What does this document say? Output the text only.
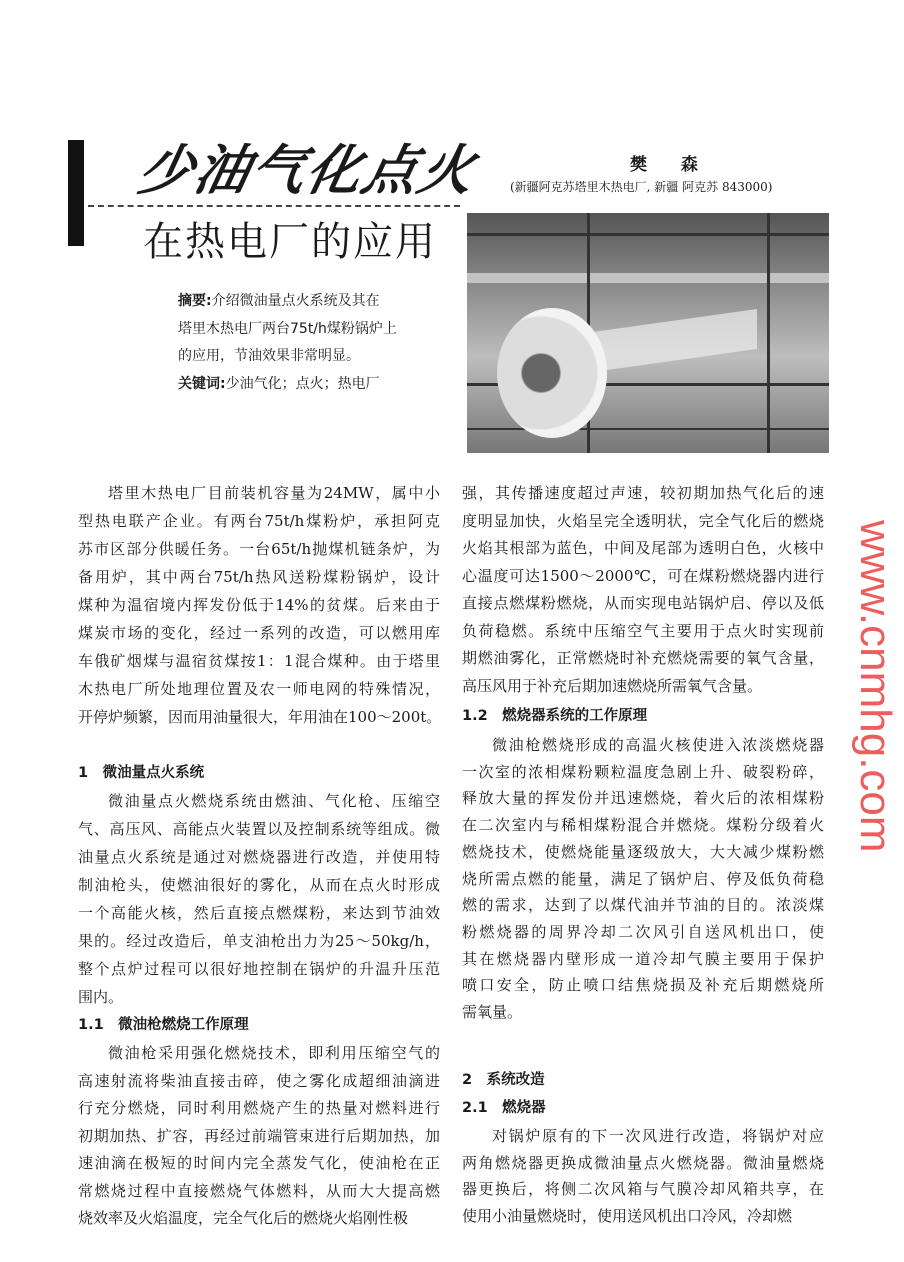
少油气化点火
在热电厂的应用
樊 森
(新疆阿克苏塔里木热电厂, 新疆 阿克苏 843000)
摘要:介绍微油量点火系统及其在
塔里木热电厂两台75t/h煤粉锅炉上
的应用，节油效果非常明显。
关键词:少油气化；点火；热电厂
www.cnmhg.com
塔里木热电厂目前装机容量为24MW，属中小
型热电联产企业。有两台75t/h煤粉炉，承担阿克
苏市区部分供暖任务。一台65t/h抛煤机链条炉，为
备用炉，其中两台75t/h热风送粉煤粉锅炉，设计
煤种为温宿境内挥发份低于14%的贫煤。后来由于
煤炭市场的变化，经过一系列的改造，可以燃用库
车俄矿烟煤与温宿贫煤按1：1混合煤种。由于塔里
木热电厂所处地理位置及农一师电网的特殊情况，
开停炉频繁，因而用油量很大，年用油在100～200t。
1　微油量点火系统
微油量点火燃烧系统由燃油、气化枪、压缩空
气、高压风、高能点火装置以及控制系统等组成。微
油量点火系统是通过对燃烧器进行改造，并使用特
制油枪头，使燃油很好的雾化，从而在点火时形成
一个高能火核，然后直接点燃煤粉，来达到节油效
果的。经过改造后，单支油枪出力为25～50kg/h，
整个点炉过程可以很好地控制在锅炉的升温升压范
围内。
1.1　微油枪燃烧工作原理
微油枪采用强化燃烧技术，即利用压缩空气的
高速射流将柴油直接击碎，使之雾化成超细油滴进
行充分燃烧，同时利用燃烧产生的热量对燃料进行
初期加热、扩容，再经过前端管束进行后期加热，加
速油滴在极短的时间内完全蒸发气化，使油枪在正
常燃烧过程中直接燃烧气体燃料，从而大大提高燃
烧效率及火焰温度，完全气化后的燃烧火焰刚性极
强，其传播速度超过声速，较初期加热气化后的速
度明显加快，火焰呈完全透明状，完全气化后的燃烧
火焰其根部为蓝色，中间及尾部为透明白色，火核中
心温度可达1500～2000℃，可在煤粉燃烧器内进行
直接点燃煤粉燃烧，从而实现电站锅炉启、停以及低
负荷稳燃。系统中压缩空气主要用于点火时实现前
期燃油雾化，正常燃烧时补充燃烧需要的氧气含量，
高压风用于补充后期加速燃烧所需氧气含量。
1.2　燃烧器系统的工作原理
微油枪燃烧形成的高温火核使进入浓淡燃烧器
一次室的浓相煤粉颗粒温度急剧上升、破裂粉碎，
释放大量的挥发份并迅速燃烧，着火后的浓相煤粉
在二次室内与稀相煤粉混合并燃烧。煤粉分级着火
燃烧技术，使燃烧能量逐级放大，大大减少煤粉燃
烧所需点燃的能量，满足了锅炉启、停及低负荷稳
燃的需求，达到了以煤代油并节油的目的。浓淡煤
粉燃烧器的周界冷却二次风引自送风机出口，使
其在燃烧器内壁形成一道冷却气膜主要用于保护
喷口安全，防止喷口结焦烧损及补充后期燃烧所
需氧量。
2　系统改造
2.1　燃烧器
对锅炉原有的下一次风进行改造，将锅炉对应
两角燃烧器更换成微油量点火燃烧器。微油量燃烧
器更换后，将侧二次风箱与气膜冷却风箱共享，在
使用小油量燃烧时，使用送风机出口冷风，冷却燃
